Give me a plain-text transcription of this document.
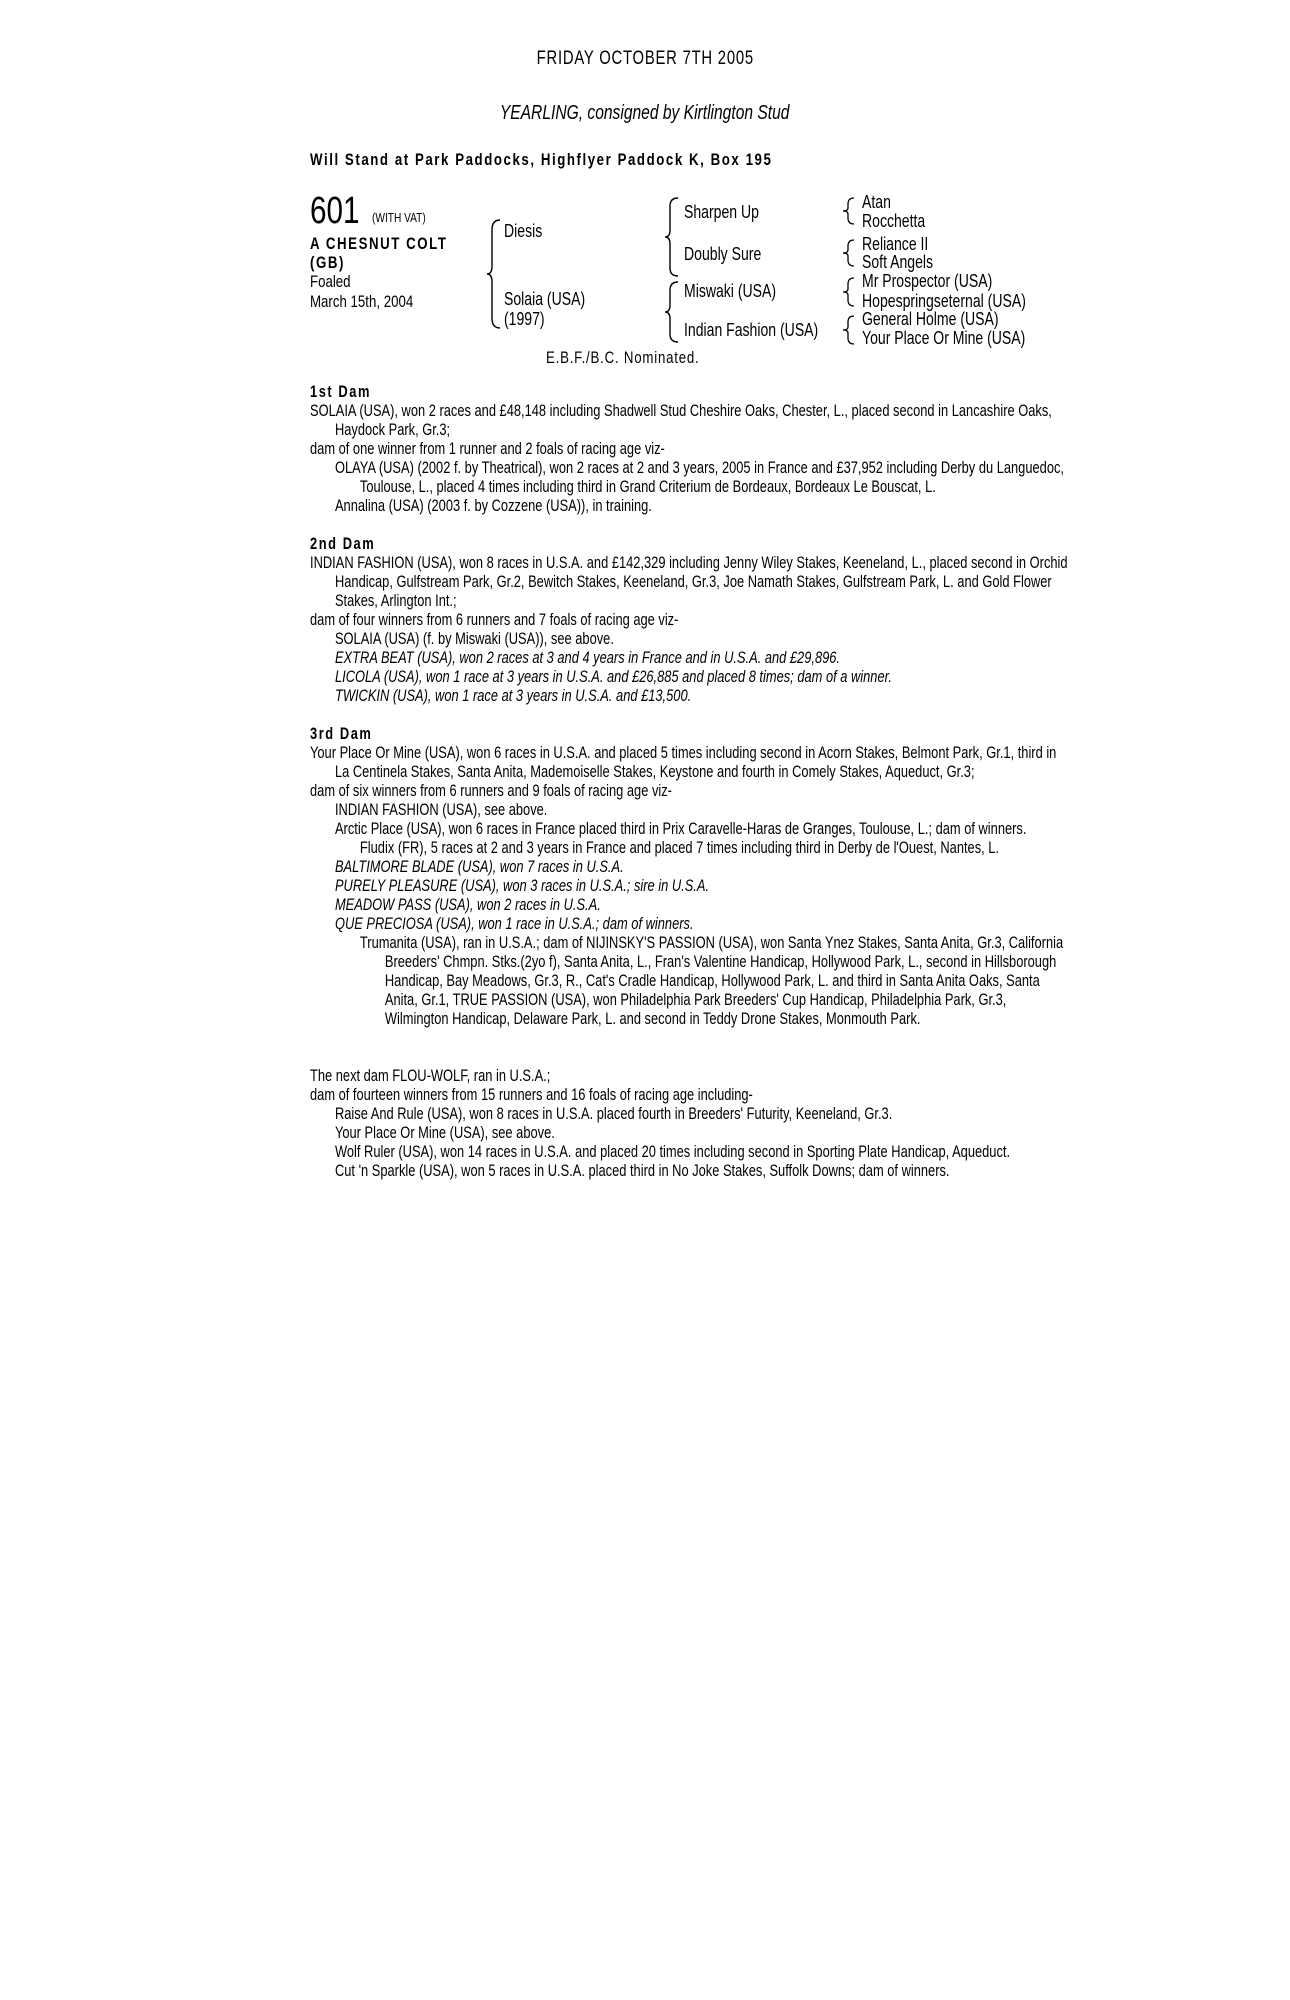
FRIDAY OCTOBER 7TH 2005
YEARLING, consigned by Kirtlington Stud
Will Stand at Park Paddocks, Highflyer Paddock K, Box 195
601 (WITH VAT)
A CHESNUT COLT
(GB)
Foaled
March 15th, 2004
Diesis
Solaia (USA)
(1997)
Sharpen Up
Doubly Sure
Miswaki (USA)
Indian Fashion (USA)
Atan
Rocchetta
Reliance II
Soft Angels
Mr Prospector (USA)
Hopespringseternal (USA)
General Holme (USA)
Your Place Or Mine (USA)
E.B.F./B.C. Nominated.

1st Dam

SOLAIA (USA), won 2 races and £48,148 including Shadwell Stud Cheshire Oaks, Chester, L., placed second in Lancashire Oaks, Haydock Park, Gr.3;

dam of one winner from 1 runner and 2 foals of racing age viz-

OLAYA (USA) (2002 f. by Theatrical), won 2 races at 2 and 3 years, 2005 in France and £37,952 including Derby du Languedoc, Toulouse, L., placed 4 times including third in Grand Criterium de Bordeaux, Bordeaux Le Bouscat, L.

Annalina (USA) (2003 f. by Cozzene (USA)), in training.

2nd Dam

INDIAN FASHION (USA), won 8 races in U.S.A. and £142,329 including Jenny Wiley Stakes, Keeneland, L., placed second in Orchid Handicap, Gulfstream Park, Gr.2, Bewitch Stakes, Keeneland, Gr.3, Joe Namath Stakes, Gulfstream Park, L. and Gold Flower Stakes, Arlington Int.;

dam of four winners from 6 runners and 7 foals of racing age viz-

SOLAIA (USA) (f. by Miswaki (USA)), see above.

EXTRA BEAT (USA), won 2 races at 3 and 4 years in France and in U.S.A. and £29,896.

LICOLA (USA), won 1 race at 3 years in U.S.A. and £26,885 and placed 8 times; dam of a winner.

TWICKIN (USA), won 1 race at 3 years in U.S.A. and £13,500.

3rd Dam

Your Place Or Mine (USA), won 6 races in U.S.A. and placed 5 times including second in Acorn Stakes, Belmont Park, Gr.1, third in La Centinela Stakes, Santa Anita, Mademoiselle Stakes, Keystone and fourth in Comely Stakes, Aqueduct, Gr.3;

dam of six winners from 6 runners and 9 foals of racing age viz-

INDIAN FASHION (USA), see above.

Arctic Place (USA), won 6 races in France placed third in Prix Caravelle-Haras de Granges, Toulouse, L.; dam of winners.

Fludix (FR), 5 races at 2 and 3 years in France and placed 7 times including third in Derby de l'Ouest, Nantes, L.

BALTIMORE BLADE (USA), won 7 races in U.S.A.

PURELY PLEASURE (USA), won 3 races in U.S.A.; sire in U.S.A.

MEADOW PASS (USA), won 2 races in U.S.A.

QUE PRECIOSA (USA), won 1 race in U.S.A.; dam of winners.

Trumanita (USA), ran in U.S.A.; dam of NIJINSKY'S PASSION (USA), won Santa Ynez Stakes, Santa Anita, Gr.3, California Breeders' Chmpn. Stks.(2yo f), Santa Anita, L., Fran's Valentine Handicap, Hollywood Park, L., second in Hillsborough Handicap, Bay Meadows, Gr.3, R., Cat's Cradle Handicap, Hollywood Park, L. and third in Santa Anita Oaks, Santa Anita, Gr.1, TRUE PASSION (USA), won Philadelphia Park Breeders' Cup Handicap, Philadelphia Park, Gr.3, Wilmington Handicap, Delaware Park, L. and second in Teddy Drone Stakes, Monmouth Park.

The next dam FLOU-WOLF, ran in U.S.A.;

dam of fourteen winners from 15 runners and 16 foals of racing age including-

Raise And Rule (USA), won 8 races in U.S.A. placed fourth in Breeders' Futurity, Keeneland, Gr.3.

Your Place Or Mine (USA), see above.

Wolf Ruler (USA), won 14 races in U.S.A. and placed 20 times including second in Sporting Plate Handicap, Aqueduct.

Cut 'n Sparkle (USA), won 5 races in U.S.A. placed third in No Joke Stakes, Suffolk Downs; dam of winners.
